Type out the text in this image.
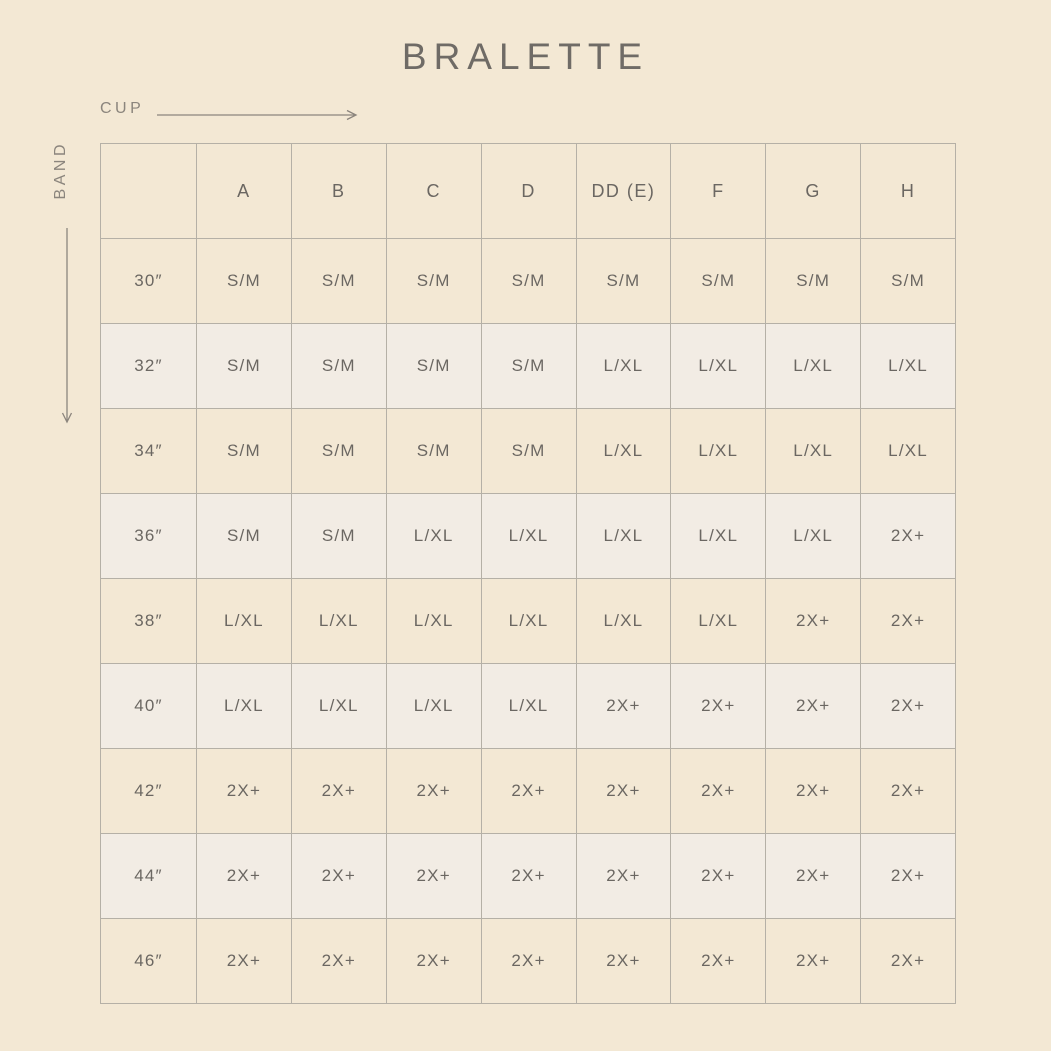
BRALETTE
CUP
BAND
		A	B	C	D	DD (E)	F	G	H
30″	S/M	S/M	S/M	S/M	S/M	S/M	S/M	S/M
32″	S/M	S/M	S/M	S/M	L/XL	L/XL	L/XL	L/XL
34″	S/M	S/M	S/M	S/M	L/XL	L/XL	L/XL	L/XL
36″	S/M	S/M	L/XL	L/XL	L/XL	L/XL	L/XL	2X+
38″	L/XL	L/XL	L/XL	L/XL	L/XL	L/XL	2X+	2X+
40″	L/XL	L/XL	L/XL	L/XL	2X+	2X+	2X+	2X+
42″	2X+	2X+	2X+	2X+	2X+	2X+	2X+	2X+
44″	2X+	2X+	2X+	2X+	2X+	2X+	2X+	2X+
46″	2X+	2X+	2X+	2X+	2X+	2X+	2X+	2X+
